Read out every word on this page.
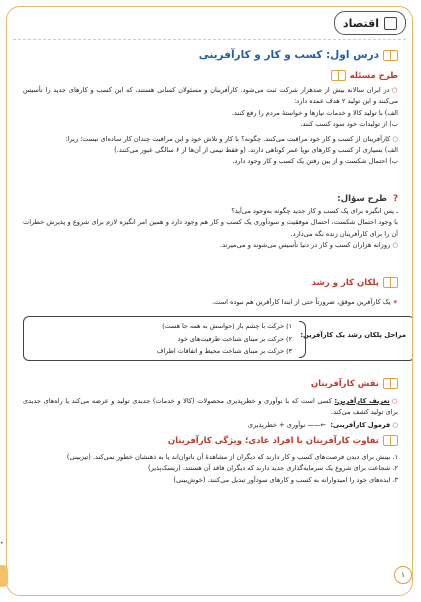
اقتصاد
درس اول: کسب و کار و کارآفرینی
طرح مسئله

○در ایران سالانه بیش از صدهزار شرکت ثبت می‌شود. کارآفرینان و مسئولان کسانی هستند، که این کسب و کارهای جدید را تأسیس می‌کنند و این تولید ۲ هدف عمده دارد:

الف) با تولید کالا و خدمات نیازها و خواستهٔ مردم را رفع کنند.

ب) از تولیدات خود سود کسب کنند.

○کارآفرینان از کسب و کار خود مراقبت می‌کنند. چگونه؟ با کار و تلاش خود و این مراقبت چندان کار ساده‌ای نیست؛ زیرا:

الف) بسیاری از کسب و کارهای نوپا عمر کوتاهی دارند. (و فقط نیمی از آن‌ها از ۶ سالگی عبور می‌کنند.)

ب) احتمال شکست و از بین رفتن یک کسب و کار وجود دارد.

?
طرح سؤال:

ـ پس انگیزه برای یک کسب و کار جدید چگونه به‌وجود می‌آید؟

با وجود احتمال شکست، احتمال موفقیت و سودآوری یک کسب و کار هم وجود دارد و همین امر انگیزه لازم برای شروع و پذیرش خطرات آن را برای کارآفرینان زنده نگه می‌دارد.

○روزانه هزاران کسب و کار در دنیا تأسیس می‌شوند و می‌میرند.

پلکان کار و رشد

✶یک کارآفرین موفق، ضرورتاً حتی از ابتدا کارآفرین هم نبوده است.

مراحل پلکان رشد یک کارآفرین:
۱) حرکت با چشم باز (حواسش به همه جا هست)
۲) حرکت بر مبنای شناخت ظرفیت‌های خود
۳) حرکت بر مبنای شناخت محیط و اتفاقات اطراف
نقش کارآفرینان

○تعریف کارآفرین: کسی است که با نوآوری و خطرپذیری محصولات (کالا و خدمات) جدیدی تولید و عرضه می‌کند یا راه‌های جدیدی برای تولید کشف می‌کند.

○فرمول کارآفرینی:  ←—— نوآوری + خطرپذیری

تفاوت کارآفرینان با افراد عادی؛ ویژگی کارآفرینان

۱. بینش برای دیدن فرصت‌های کسب و کار دارند که دیگران از مشاهدهٔ آن ناتوان‌اند یا به ذهنشان خطور نمی‌کند. (تیزبینی)

۲. شجاعت برای شروع یک سرمایه‌گذاری جدید دارند که دیگران فاقد آن هستند. (ریسک‌پذیر)

۳. ایده‌های خود را امیدوارانه به کسب و کارهای سودآور تبدیل می‌کنند. (خوش‌بینی)

•
۱
